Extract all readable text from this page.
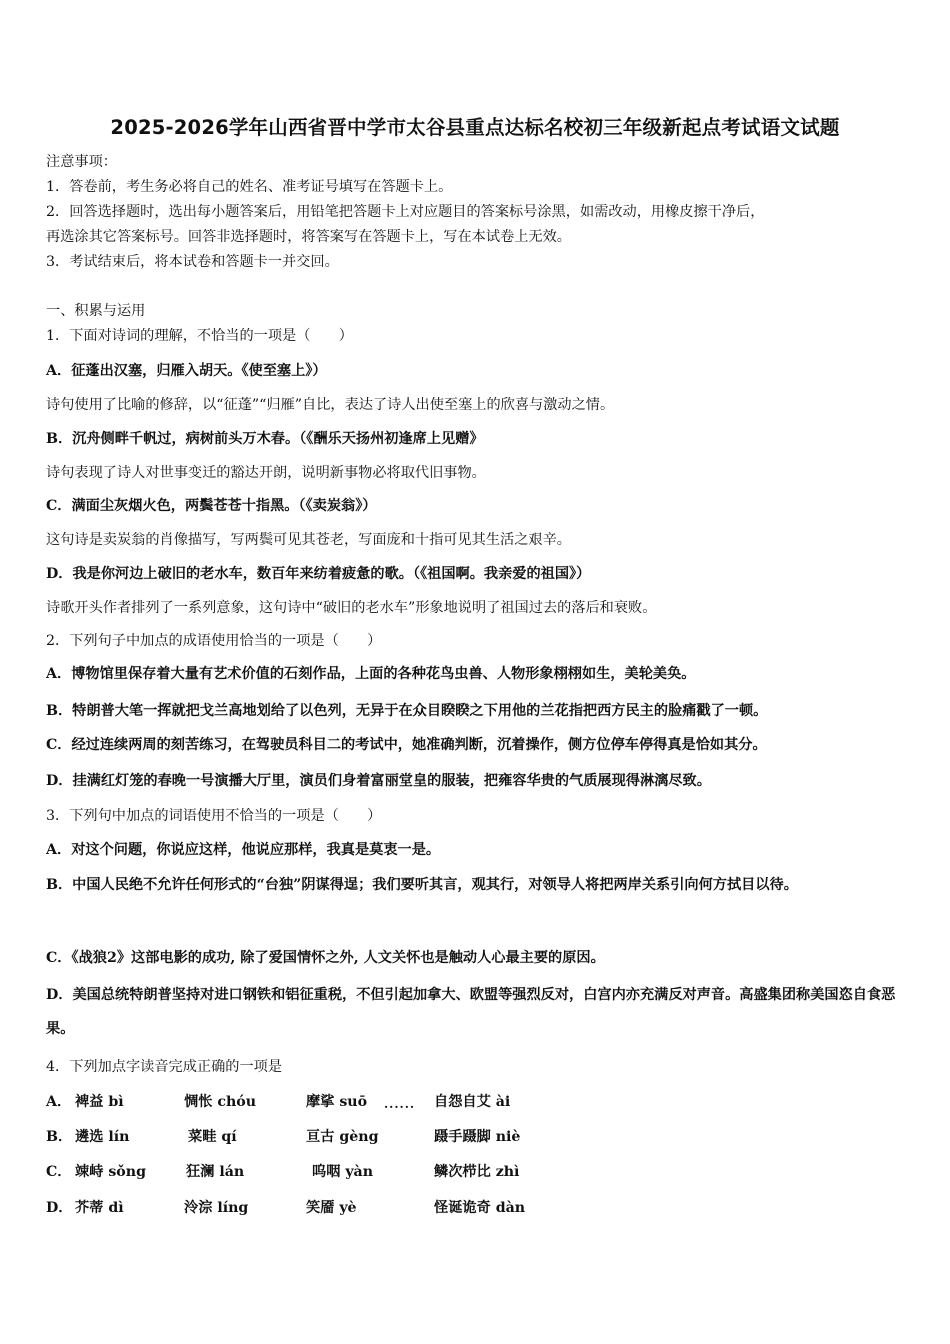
2025-2026学年山西省晋中学市太谷县重点达标名校初三年级新起点考试语文试题
注意事项：
1．答卷前，考生务必将自己的姓名、准考证号填写在答题卡上。
2．回答选择题时，选出每小题答案后，用铅笔把答题卡上对应题目的答案标号涂黑，如需改动，用橡皮擦干净后，
再选涂其它答案标号。回答非选择题时，将答案写在答题卡上，写在本试卷上无效。
3．考试结束后，将本试卷和答题卡一并交回。
一、积累与运用
1．下面对诗词的理解，不恰当的一项是（　　）
A．征蓬出汉塞，归雁入胡天。《使至塞上》）
诗句使用了比喻的修辞，以“征蓬”“归雁”自比，表达了诗人出使至塞上的欣喜与激动之情。
B．沉舟侧畔千帆过，病树前头万木春。（《酬乐天扬州初逢席上见赠》
诗句表现了诗人对世事变迁的豁达开朗，说明新事物必将取代旧事物。
C．满面尘灰烟火色，两鬓苍苍十指黑。（《卖炭翁》）
这句诗是卖炭翁的肖像描写，写两鬓可见其苍老，写面庞和十指可见其生活之艰辛。
D．我是你河边上破旧的老水车，数百年来纺着疲惫的歌。（《祖国啊。我亲爱的祖国》）
诗歌开头作者排列了一系列意象，这句诗中“破旧的老水车”形象地说明了祖国过去的落后和衰败。
2．下列句子中加点的成语使用恰当的一项是（　　）
A．博物馆里保存着大量有艺术价值的石刻作品，上面的各种花鸟虫兽、人物形象栩栩如生，美轮美奂。
B．特朗普大笔一挥就把戈兰高地划给了以色列，无异于在众目睽睽之下用他的兰花指把西方民主的脸痛戳了一顿。
C．经过连续两周的刻苦练习，在驾驶员科目二的考试中，她准确判断，沉着操作，侧方位停车停得真是恰如其分。
D．挂满红灯笼的春晚一号演播大厅里，演员们身着富丽堂皇的服装，把雍容华贵的气质展现得淋漓尽致。
3．下列句中加点的词语使用不恰当的一项是（　　）
A．对这个问题，你说应这样，他说应那样，我真是莫衷一是。
B．中国人民绝不允许任何形式的“台独”阴谋得逞；我们要听其言，观其行，对领导人将把两岸关系引向何方拭目以待。
C．《战狼2》这部电影的成功, 除了爱国情怀之外, 人文关怀也是触动人心最主要的原因。
D．美国总统特朗普坚持对进口钢铁和铝征重税，不但引起加拿大、欧盟等强烈反对，白宫内亦充满反对声音。高盛集团称美国恣自食恶果。
4．下列加点字读音完成正确的一项是
A． 裨益 bì	惆怅 chóu	摩挲 suō ...... 自怨自艾 ài
B． 遴选 lín	菜畦 qí	亘古 gèng	蹑手蹑脚 niè
C． 竦峙 sǒng	狂澜 lán	呜咽 yàn	鳞次栉比 zhì
D． 芥蒂 dì	泠淙 líng	笑靥 yè	怪诞诡奇 dàn
